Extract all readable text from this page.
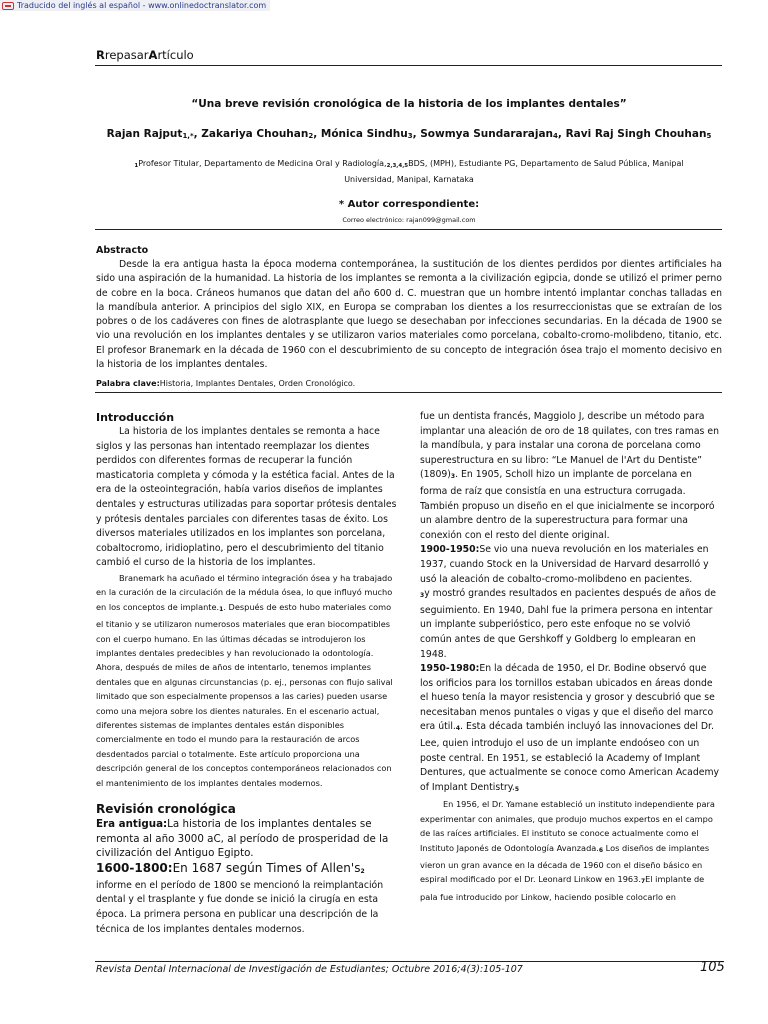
Traducido del inglés al español - www.onlinedoctranslator.com
RrepasarArtículo
“Una breve revisión cronológica de la historia de los implantes dentales”
Rajan Rajput$_{1,*}$, Zakariya Chouhan$_2$, Mónica Sindhu$_3$, Sowmya Sundararajan$_4$, Ravi Raj Singh Chouhan$_5$
$_1$Profesor Titular, Departamento de Medicina Oral y $Radiología,_{2,3,4,5}BDS$, (MPH), Estudiante PG, Departamento de Salud Pública, Manipal
Universidad, Manipal, Karnataka
* Autor correspondiente:
Correo electrónico: rajan099@gmail.com
Abstracto
Desde la era antigua hasta la época moderna contemporánea, la sustitución de los dientes perdidos por dientes artificiales ha sido una aspiración de la humanidad. La historia de los implantes se remonta a la civilización egipcia, donde se utilizó el primer perno de cobre en la boca. Cráneos humanos que datan del año 600 d. C. muestran que un hombre intentó implantar conchas talladas en la mandíbula anterior. A principios del siglo XIX, en Europa se compraban los dientes a los resurreccionistas que se extraían de los pobres o de los cadáveres con fines de alotrasplante que luego se desechaban por infecciones secundarias. En la década de 1900 se vio una revolución en los implantes dentales y se utilizaron varios materiales como porcelana, cobalto-cromo-molibdeno, titanio, etc. El profesor Branemark en la década de 1960 con el descubrimiento de su concepto de integración ósea trajo el momento decisivo en la historia de los implantes dentales.
Palabra clave:Historia, Implantes Dentales, Orden Cronológico.

Introducción

La historia de los implantes dentales se remonta a hace siglos y las personas han intentado reemplazar los dientes perdidos con diferentes formas de recuperar la función masticatoria completa y cómoda y la estética facial. Antes de la era de la osteointegración, había varios diseños de implantes dentales y estructuras utilizadas para soportar prótesis dentales y prótesis dentales parciales con diferentes tasas de éxito. Los diversos materiales utilizados en los implantes son porcelana, cobaltocromo, iridioplatino, pero el descubrimiento del titanio cambió el curso de la historia de los implantes.

Branemark ha acuñado el término integración ósea y ha trabajado en la curación de la circulación de la médula ósea, lo que influyó mucho en los conceptos de $implante._1$. Después de esto hubo materiales como el titanio y se utilizaron numerosos materiales que eran biocompatibles con el cuerpo humano. En las últimas décadas se introdujeron los implantes dentales predecibles y han revolucionado la odontología. Ahora, después de miles de años de intentarlo, tenemos implantes dentales que en algunas circunstancias (p. ej., personas con flujo salival limitado que son especialmente propensos a las caries) pueden usarse como una mejora sobre los dientes naturales. En el escenario actual, diferentes sistemas de implantes dentales están disponibles comercialmente en todo el mundo para la restauración de arcos desdentados parcial o totalmente. Este artículo proporciona una descripción general de los conceptos contemporáneos relacionados con el mantenimiento de los implantes dentales modernos.

Revisión cronológica

Era antigua:La historia de los implantes dentales se remonta al año 3000 aC, al período de prosperidad de la civilización del Antiguo Egipto.

1600-1800:En 1687 según Times of $Allen's_2$

informe en el período de 1800 se mencionó la reimplantación dental y el trasplante y fue donde se inició la cirugía en esta época. La primera persona en publicar una descripción de la técnica de los implantes dentales modernos.

fue un dentista francés, Maggiolo J, describe un método para implantar una aleación de oro de 18 quilates, con tres ramas en la mandíbula, y para instalar una corona de porcelana como superestructura en su libro: “Le Manuel de l'Art du Dentiste” $(1809)_3$. En 1905, Scholl hizo un implante de porcelana en forma de raíz que consistía en una estructura corrugada. También propuso un diseño en el que inicialmente se incorporó un alambre dentro de la superestructura para formar una conexión con el resto del diente original.

1900-1950:Se vio una nueva revolución en los materiales en 1937, cuando Stock en la Universidad de Harvard desarrolló y usó la aleación de cobalto-cromo-molibdeno en pacientes.
$_3$y mostró grandes resultados en pacientes después de años de seguimiento. En 1940, Dahl fue la primera persona en intentar un implante subperióstico, pero este enfoque no se volvió común antes de que Gershkoff y Goldberg lo emplearan en 1948.

1950-1980:En la década de 1950, el Dr. Bodine observó que los orificios para los tornillos estaban ubicados en áreas donde el hueso tenía la mayor resistencia y grosor y descubrió que se necesitaban menos puntales o vigas y que el diseño del marco era $útil._4$. Esta década también incluyó las innovaciones del Dr. Lee, quien introdujo el uso de un implante endoóseo con un poste central. En 1951, se estableció la Academy of Implant Dentures, que actualmente se conoce como American Academy of Implant $Dentistry._5$

En 1956, el Dr. Yamane estableció un instituto independiente para experimentar con animales, que produjo muchos expertos en el campo de las raíces artificiales. El instituto se conoce actualmente como el Instituto Japonés de Odontología $Avanzada._6$ Los diseños de implantes vieron un gran avance en la década de 1960 con el diseño básico en espiral modificado por el Dr. Leonard Linkow en $1963._7El$ implante de pala fue introducido por Linkow, haciendo posible colocarlo en

Revista Dental Internacional de Investigación de Estudiantes; Octubre 2016;4(3):105-107	105
